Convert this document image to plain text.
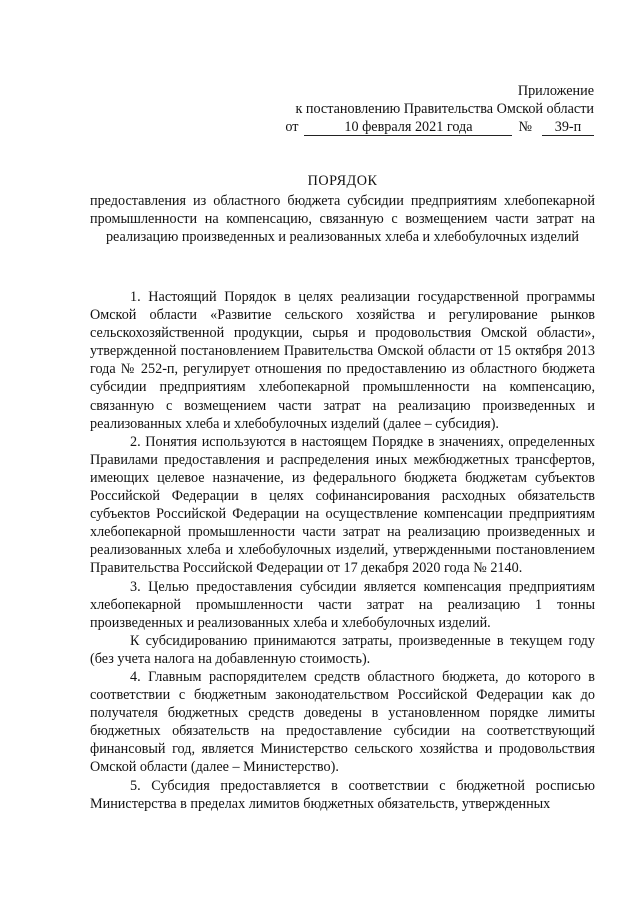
Приложение
к постановлению Правительства Омской области
от	10 февраля 2021 года	№	39-п
ПОРЯДОК
предоставления из областного бюджета субсидии предприятиям хлебопекарной промышленности на компенсацию, связанную с возмещением части затрат на реализацию произведенных и реализованных хлеба и хлебобулочных изделий

1. Настоящий Порядок в целях реализации государственной программы Омской области «Развитие сельского хозяйства и регулирование рынков сельскохозяйственной продукции, сырья и продовольствия Омской области», утвержденной постановлением Правительства Омской области от 15 октября 2013 года № 252-п, регулирует отношения по предоставлению из областного бюджета субсидии предприятиям хлебопекарной промышленности на компенсацию, связанную с возмещением части затрат на реализацию произведенных и реализованных хлеба и хлебобулочных изделий (далее – субсидия).

2. Понятия используются в настоящем Порядке в значениях, определенных Правилами предоставления и распределения иных межбюджетных трансфертов, имеющих целевое назначение, из федерального бюджета бюджетам субъектов Российской Федерации в целях софинансирования расходных обязательств субъектов Российской Федерации на осуществление компенсации предприятиям хлебопекарной промышленности части затрат на реализацию произведенных и реализованных хлеба и хлебобулочных изделий, утвержденными постановлением Правительства Российской Федерации от 17 декабря 2020 года № 2140.

3. Целью предоставления субсидии является компенсация предприятиям хлебопекарной промышленности части затрат на реализацию 1 тонны произведенных и реализованных хлеба и хлебобулочных изделий.

К субсидированию принимаются затраты, произведенные в текущем году (без учета налога на добавленную стоимость).

4. Главным распорядителем средств областного бюджета, до которого в соответствии с бюджетным законодательством Российской Федерации как до получателя бюджетных средств доведены в установленном порядке лимиты бюджетных обязательств на предоставление субсидии на соответствующий финансовый год, является Министерство сельского хозяйства и продовольствия Омской области (далее – Министерство).

5. Субсидия предоставляется в соответствии с бюджетной росписью Министерства в пределах лимитов бюджетных обязательств, утвержденных
